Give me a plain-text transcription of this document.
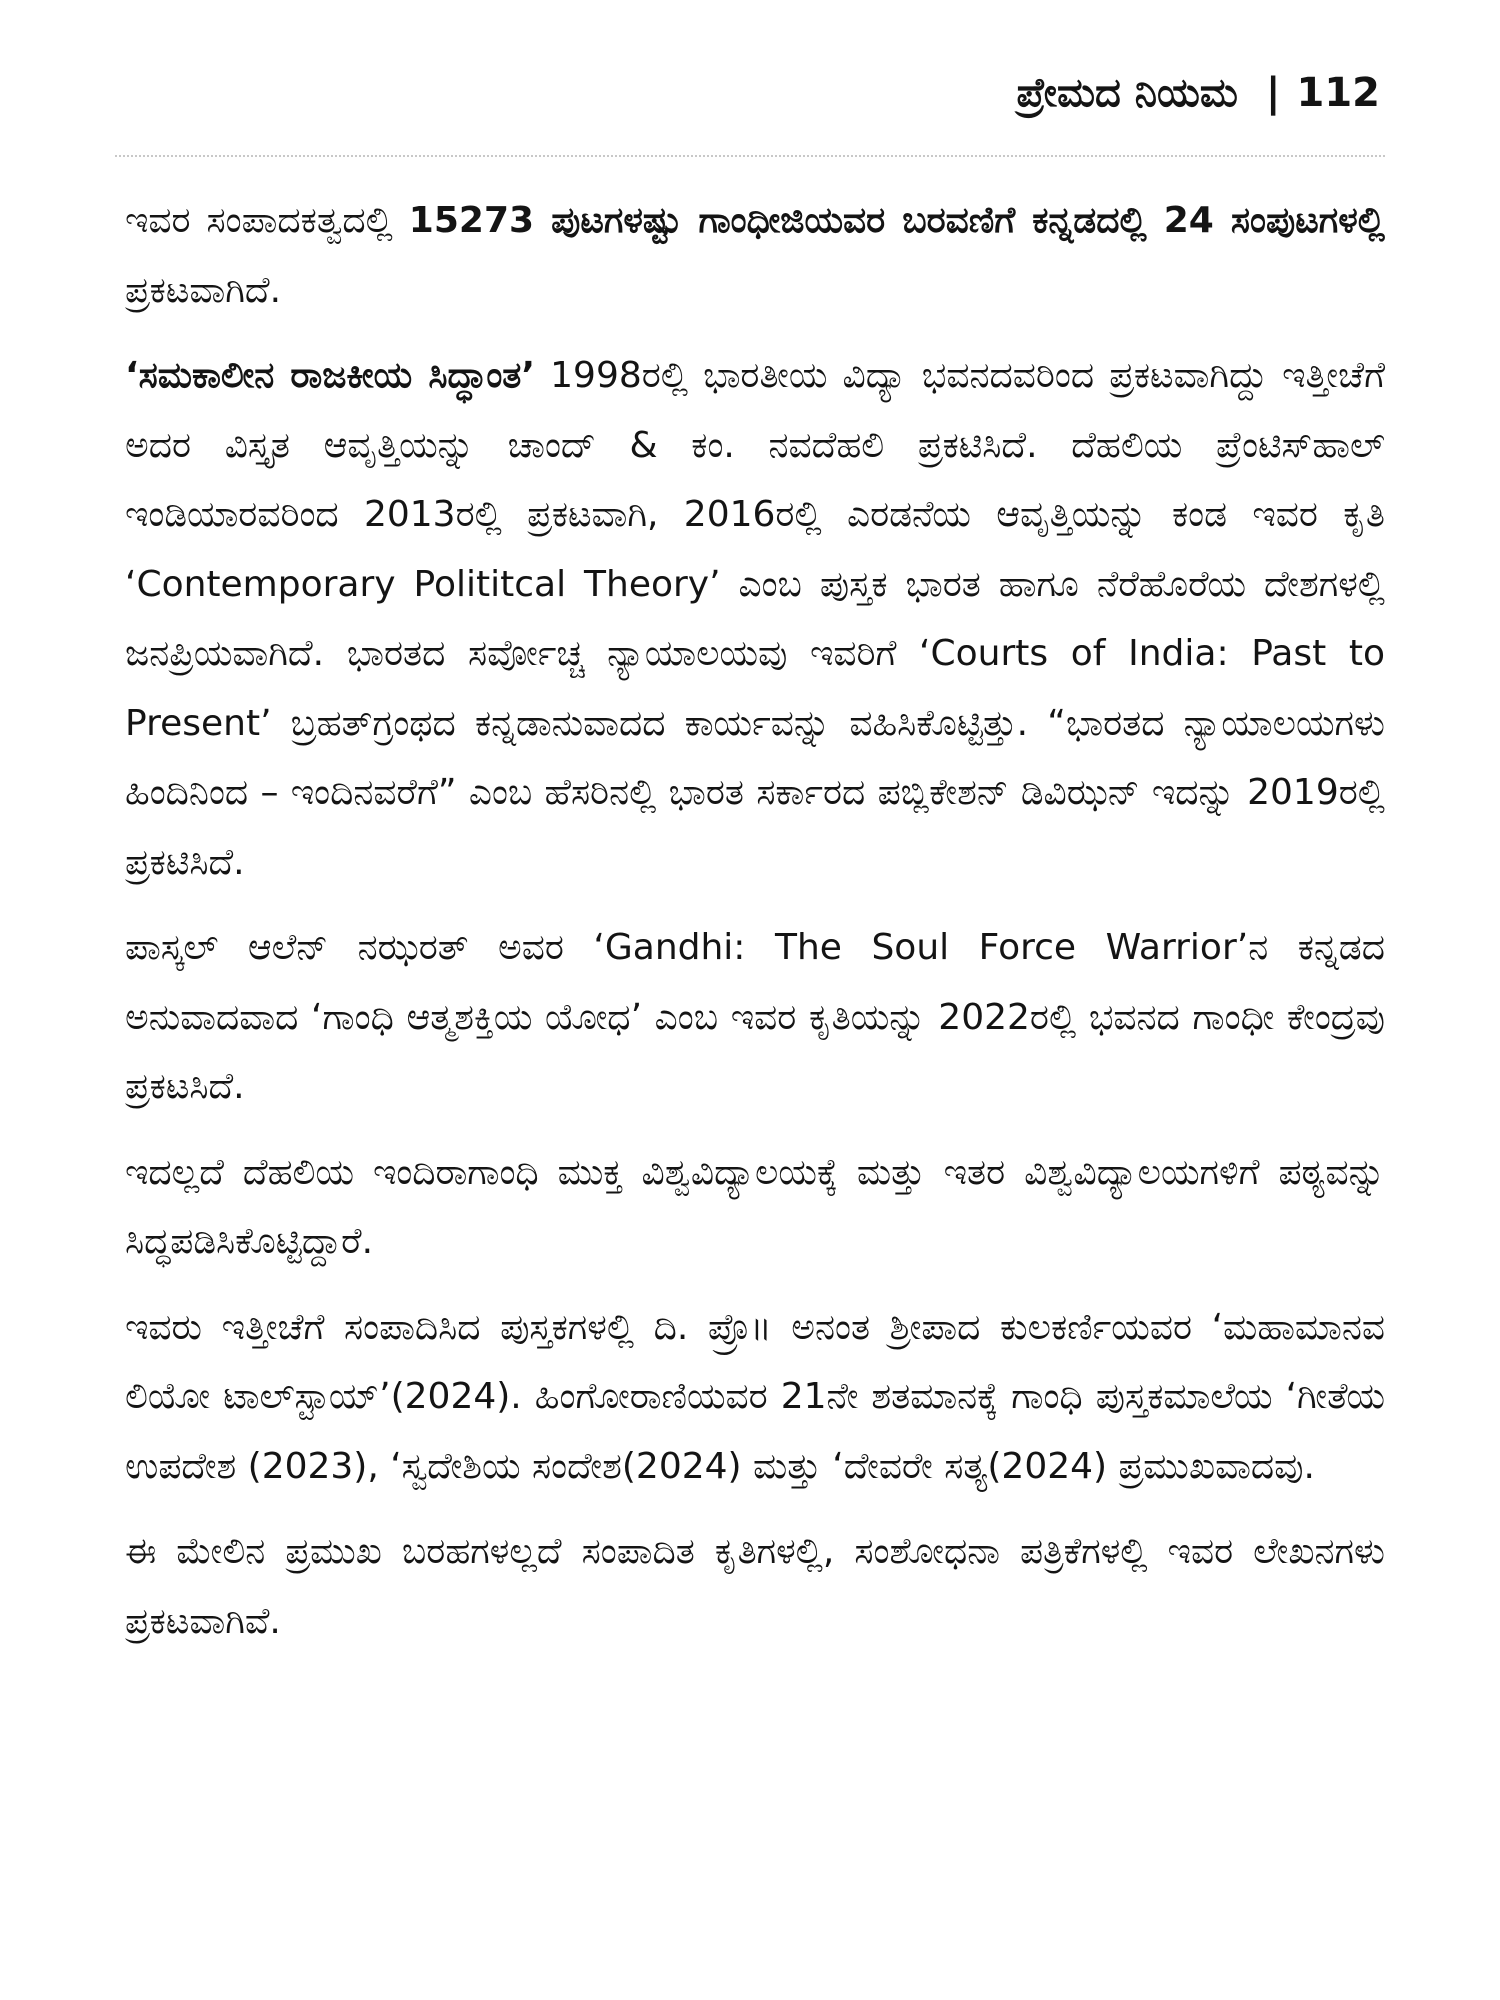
ಪ್ರೇಮದ ನಿಯಮ | 112

ಇವರ ಸಂಪಾದಕತ್ವದಲ್ಲಿ 15273 ಪುಟಗಳಷ್ಟು ಗಾಂಧೀಜಿಯವರ ಬರವಣಿಗೆ ಕನ್ನಡದಲ್ಲಿ 24 ಸಂಪುಟಗಳಲ್ಲಿ ಪ್ರಕಟವಾಗಿದೆ.

‘ಸಮಕಾಲೀನ ರಾಜಕೀಯ ಸಿದ್ಧಾಂತ’ 1998ರಲ್ಲಿ ಭಾರತೀಯ ವಿದ್ಯಾ ಭವನದವರಿಂದ ಪ್ರಕಟವಾಗಿದ್ದು ಇತ್ತೀಚೆಗೆ ಅದರ ವಿಸ್ತೃತ ಆವೃತ್ತಿಯನ್ನು ಚಾಂದ್ & ಕಂ. ನವದೆಹಲಿ ಪ್ರಕಟಿಸಿದೆ. ದೆಹಲಿಯ ಪ್ರೆಂಟಿಸ್‌ಹಾಲ್ ಇಂಡಿಯಾರವರಿಂದ 2013ರಲ್ಲಿ ಪ್ರಕಟವಾಗಿ, 2016ರಲ್ಲಿ ಎರಡನೆಯ ಆವೃತ್ತಿಯನ್ನು ಕಂಡ ಇವರ ಕೃತಿ ‘Contemporary Polititcal Theory’ ಎಂಬ ಪುಸ್ತಕ ಭಾರತ ಹಾಗೂ ನೆರೆಹೊರೆಯ ದೇಶಗಳಲ್ಲಿ ಜನಪ್ರಿಯವಾಗಿದೆ. ಭಾರತದ ಸರ್ವೋಚ್ಚ ನ್ಯಾಯಾಲಯವು ಇವರಿಗೆ ‘Courts of India: Past to Present’ ಬ್ರಹತ್‌ಗ್ರಂಥದ ಕನ್ನಡಾನುವಾದದ ಕಾರ್ಯವನ್ನು ವಹಿಸಿಕೊಟ್ಟಿತ್ತು. “ಭಾರತದ ನ್ಯಾಯಾಲಯಗಳು ಹಿಂದಿನಿಂದ – ಇಂದಿನವರೆಗೆ” ಎಂಬ ಹೆಸರಿನಲ್ಲಿ ಭಾರತ ಸರ್ಕಾರದ ಪಬ್ಲಿಕೇಶನ್ ಡಿವಿಝನ್ ಇದನ್ನು 2019ರಲ್ಲಿ ಪ್ರಕಟಿಸಿದೆ.

ಪಾಸ್ಕಲ್ ಆಲೆನ್ ನಝರತ್ ಅವರ ‘Gandhi: The Soul Force Warrior’ನ ಕನ್ನಡದ ಅನುವಾದವಾದ ‘ಗಾಂಧಿ ಆತ್ಮಶಕ್ತಿಯ ಯೋಧ’ ಎಂಬ ಇವರ ಕೃತಿಯನ್ನು 2022ರಲ್ಲಿ ಭವನದ ಗಾಂಧೀ ಕೇಂದ್ರವು ಪ್ರಕಟಸಿದೆ.

ಇದಲ್ಲದೆ ದೆಹಲಿಯ ಇಂದಿರಾಗಾಂಧಿ ಮುಕ್ತ ವಿಶ್ವವಿದ್ಯಾಲಯಕ್ಕೆ ಮತ್ತು ಇತರ ವಿಶ್ವವಿದ್ಯಾಲಯಗಳಿಗೆ ಪಠ್ಯವನ್ನು ಸಿದ್ಧಪಡಿಸಿಕೊಟ್ಟಿದ್ದಾರೆ.

ಇವರು ಇತ್ತೀಚೆಗೆ ಸಂಪಾದಿಸಿದ ಪುಸ್ತಕಗಳಲ್ಲಿ ದಿ. ಪ್ರೊ॥ ಅನಂತ ಶ್ರೀಪಾದ ಕುಲಕರ್ಣಿಯವರ ‘ಮಹಾಮಾನವ ಲಿಯೋ ಟಾಲ್‌ಸ್ಟಾಯ್’(2024). ಹಿಂಗೋರಾಣಿಯವರ 21ನೇ ಶತಮಾನಕ್ಕೆ ಗಾಂಧಿ ಪುಸ್ತಕಮಾಲೆಯ ‘ಗೀತೆಯ ಉಪದೇಶ (2023), ‘ಸ್ವದೇಶಿಯ ಸಂದೇಶ(2024) ಮತ್ತು ‘ದೇವರೇ ಸತ್ಯ(2024) ಪ್ರಮುಖವಾದವು.

ಈ ಮೇಲಿನ ಪ್ರಮುಖ ಬರಹಗಳಲ್ಲದೆ ಸಂಪಾದಿತ ಕೃತಿಗಳಲ್ಲಿ, ಸಂಶೋಧನಾ ಪತ್ರಿಕೆಗಳಲ್ಲಿ ಇವರ ಲೇಖನಗಳು ಪ್ರಕಟವಾಗಿವೆ.
